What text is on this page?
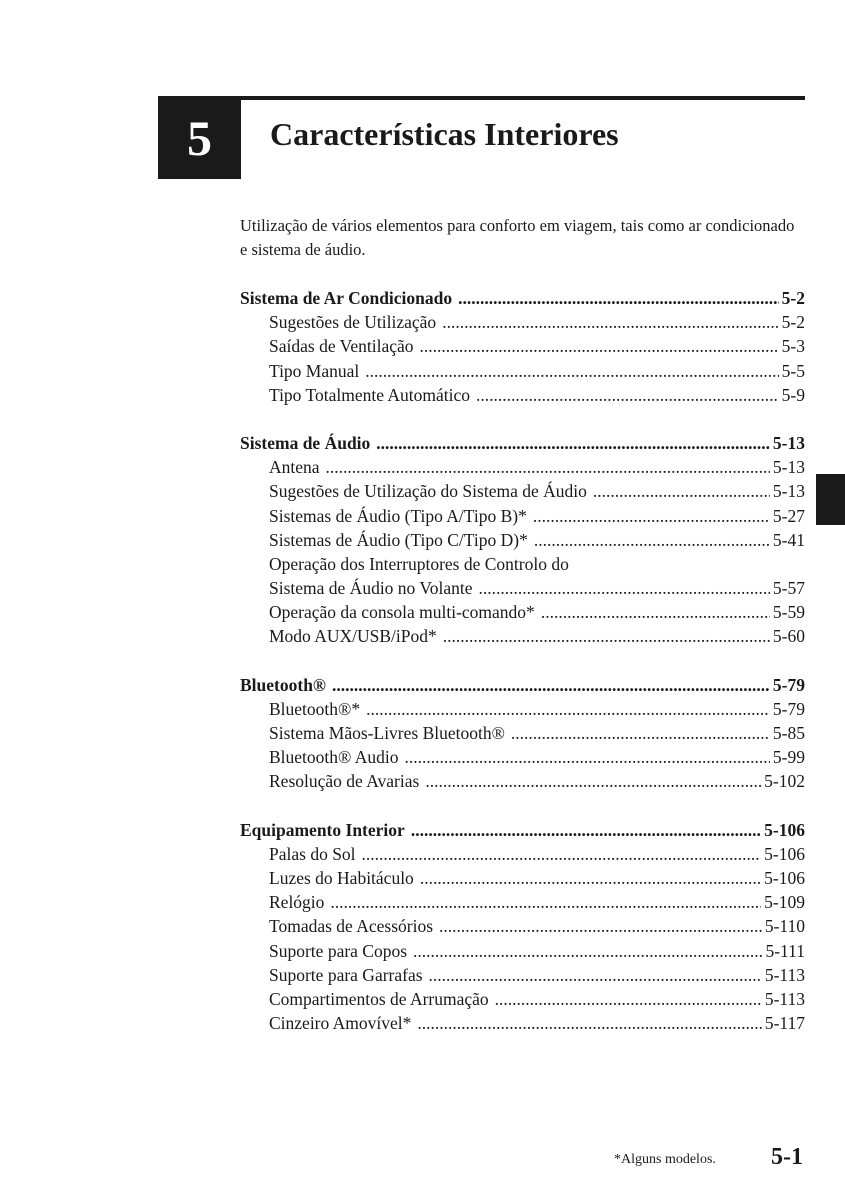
5 Características Interiores

Utilização de vários elementos para conforto em viagem, tais como ar condicionado e sistema de áudio.

Sistema de Ar Condicionado .....	5-2
Sugestões de Utilização .....	5-2
Saídas de Ventilação .....	5-3
Tipo Manual .....	5-5
Tipo Totalmente Automático .....	5-9
Sistema de Áudio .....	5-13
Antena .....	5-13
Sugestões de Utilização do Sistema de Áudio .....	5-13
Sistemas de Áudio (Tipo A/Tipo B)* .....	5-27
Sistemas de Áudio (Tipo C/Tipo D)* .....	5-41
Operação dos Interruptores de Controlo do
Sistema de Áudio no Volante .....	5-57
Operação da consola multi-comando* .....	5-59
Modo AUX/USB/iPod* .....	5-60
Bluetooth® .....	5-79
Bluetooth®* .....	5-79
Sistema Mãos-Livres Bluetooth® .....	5-85
Bluetooth® Audio .....	5-99
Resolução de Avarias .....	5-102
Equipamento Interior .....	5-106
Palas do Sol .....	5-106
Luzes do Habitáculo .....	5-106
Relógio .....	5-109
Tomadas de Acessórios .....	5-110
Suporte para Copos .....	5-111
Suporte para Garrafas .....	5-113
Compartimentos de Arrumação .....	5-113
Cinzeiro Amovível* .....	5-117
*Alguns modelos. 5-1
